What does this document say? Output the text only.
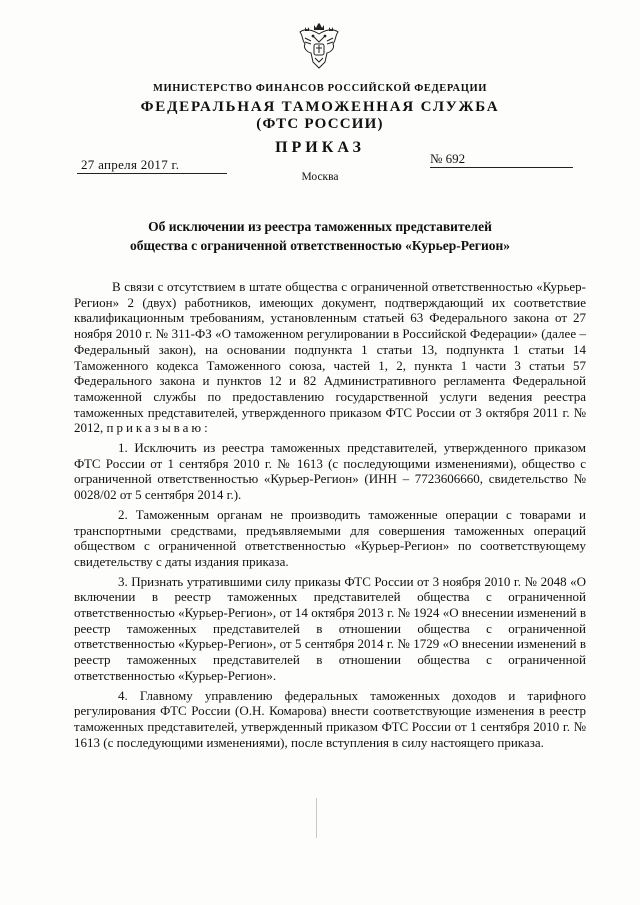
МИНИСТЕРСТВО ФИНАНСОВ РОССИЙСКОЙ ФЕДЕРАЦИИ
ФЕДЕРАЛЬНАЯ ТАМОЖЕННАЯ СЛУЖБА
(ФТС РОССИИ)
ПРИКАЗ
27 апреля 2017 г.	№ 692
Москва
Об исключении из реестра таможенных представителей
общества с ограниченной ответственностью «Курьер-Регион»

В связи с отсутствием в штате общества с ограниченной ответственностью «Курьер-Регион» 2 (двух) работников, имеющих документ, подтверждающий их соответствие квалификационным требованиям, установленным статьей 63 Федерального закона от 27 ноября 2010 г. № 311-ФЗ «О таможенном регулировании в Российской Федерации» (далее – Федеральный закон), на основании подпункта 1 статьи 13, подпункта 1 статьи 14 Таможенного кодекса Таможенного союза, частей 1, 2, пункта 1 части 3 статьи 57 Федерального закона и пунктов 12 и 82 Административного регламента Федеральной таможенной службы по предоставлению государственной услуги ведения реестра таможенных представителей, утвержденного приказом ФТС России от 3 октября 2011 г. № 2012, приказываю:

1. Исключить из реестра таможенных представителей, утвержденного приказом ФТС России от 1 сентября 2010 г. № 1613 (с последующими изменениями), общество с ограниченной ответственностью «Курьер-Регион» (ИНН – 7723606660, свидетельство № 0028/02 от 5 сентября 2014 г.).

2. Таможенным органам не производить таможенные операции с товарами и транспортными средствами, предъявляемыми для совершения таможенных операций обществом с ограниченной ответственностью «Курьер-Регион» по соответствующему свидетельству с даты издания приказа.

3. Признать утратившими силу приказы ФТС России от 3 ноября 2010 г. № 2048 «О включении в реестр таможенных представителей общества с ограниченной ответственностью «Курьер-Регион», от 14 октября 2013 г. № 1924 «О внесении изменений в реестр таможенных представителей в отношении общества с ограниченной ответственностью «Курьер-Регион», от 5 сентября 2014 г. № 1729 «О внесении изменений в реестр таможенных представителей в отношении общества с ограниченной ответственностью «Курьер-Регион».

4. Главному управлению федеральных таможенных доходов и тарифного регулирования ФТС России (О.Н. Комарова) внести соответствующие изменения в реестр таможенных представителей, утвержденный приказом ФТС России от 1 сентября 2010 г. № 1613 (с последующими изменениями), после вступления в силу настоящего приказа.
